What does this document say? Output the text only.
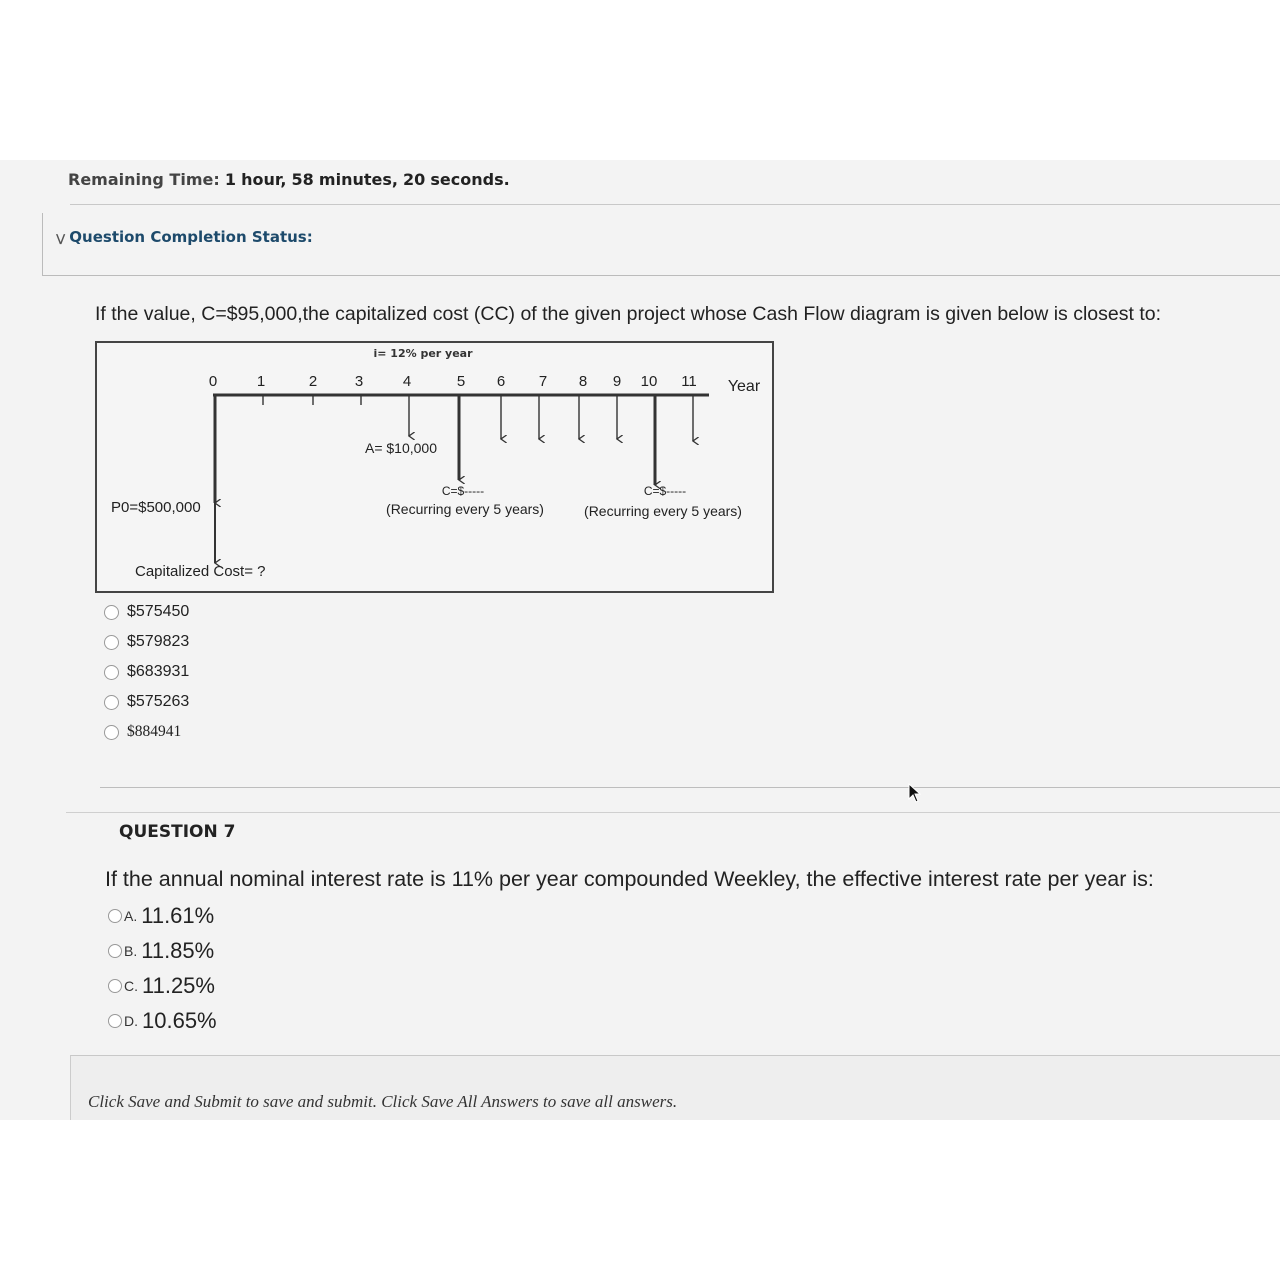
Remaining Time: 1 hour, 58 minutes, 20 seconds.
⋁ Question Completion Status:
If the value, C=$95,000,the capitalized cost (CC) of the given project whose Cash Flow diagram is given below is closest to:
i= 12% per year
0	1	2	3	4	5 6 7 8 9 10 11 Year
A= $10,000
C=$-----
(Recurring every 5 years)
C=$-----
(Recurring every 5 years)
P0=$500,000
Capitalized Cost= ?
$575450
$579823
$683931
$575263
$884941
QUESTION 7
If the annual nominal interest rate is 11% per year compounded Weekley, the effective interest rate per year is:
A. 11.61%
B. 11.85%
C. 11.25%
D. 10.65%
Click Save and Submit to save and submit. Click Save All Answers to save all answers.
